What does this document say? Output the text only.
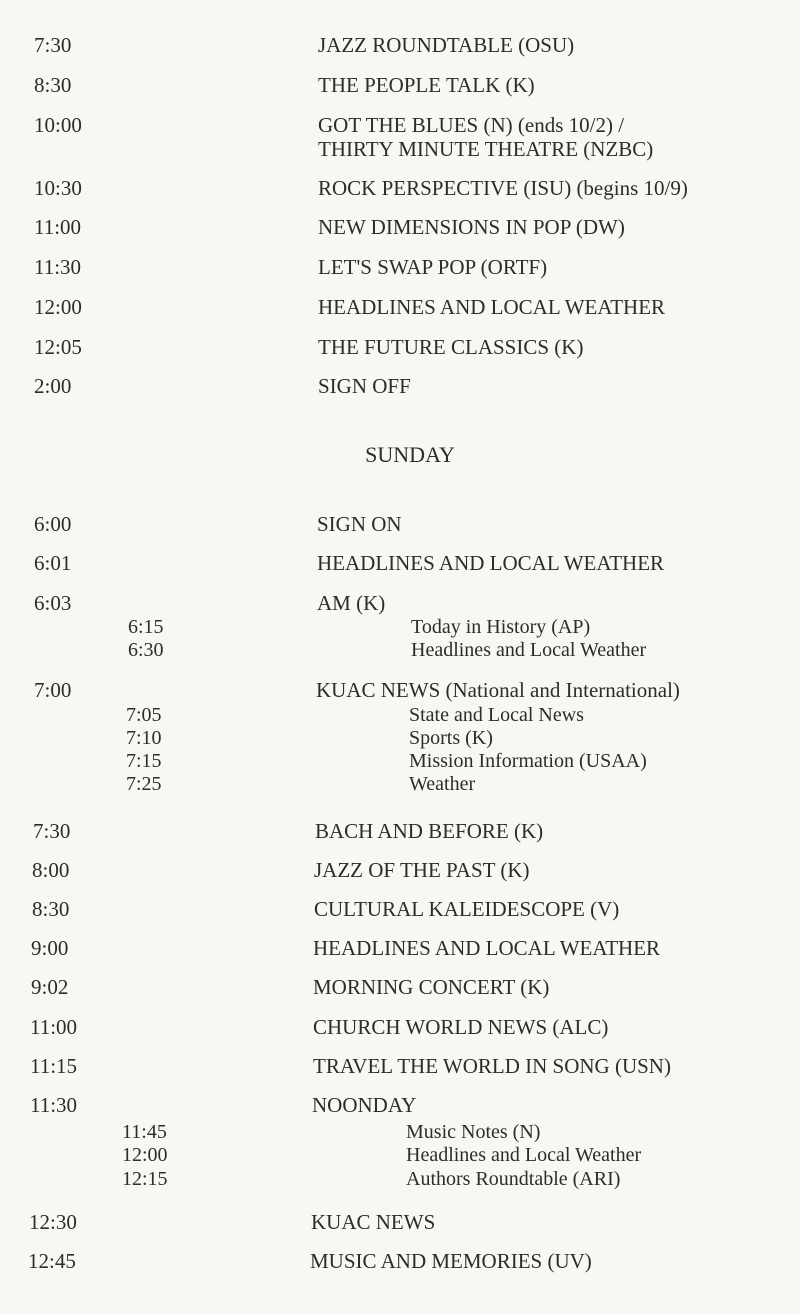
7:30	JAZZ ROUNDTABLE (OSU)
8:30	THE PEOPLE TALK (K)
10:00	GOT THE BLUES (N) (ends 10/2) /
THIRTY MINUTE THEATRE (NZBC)
10:30	ROCK PERSPECTIVE (ISU) (begins 10/9)
11:00	NEW DIMENSIONS IN POP (DW)
11:30	LET'S SWAP POP (ORTF)
12:00	HEADLINES AND LOCAL WEATHER
12:05	THE FUTURE CLASSICS (K)
2:00	SIGN OFF
SUNDAY
6:00	SIGN ON
6:01	HEADLINES AND LOCAL WEATHER
6:03	AM (K)
6:15	Today in History (AP)
6:30	Headlines and Local Weather
7:00	KUAC NEWS (National and International)
7:05	State and Local News
7:10	Sports (K)
7:15	Mission Information (USAA)
7:25	Weather
7:30	BACH AND BEFORE (K)
8:00	JAZZ OF THE PAST (K)
8:30	CULTURAL KALEIDESCOPE (V)
9:00	HEADLINES AND LOCAL WEATHER
9:02	MORNING CONCERT (K)
11:00	CHURCH WORLD NEWS (ALC)
11:15	TRAVEL THE WORLD IN SONG (USN)
11:30	NOONDAY
11:45	Music Notes (N)
12:00	Headlines and Local Weather
12:15	Authors Roundtable (ARI)
12:30	KUAC NEWS
12:45	MUSIC AND MEMORIES (UV)
